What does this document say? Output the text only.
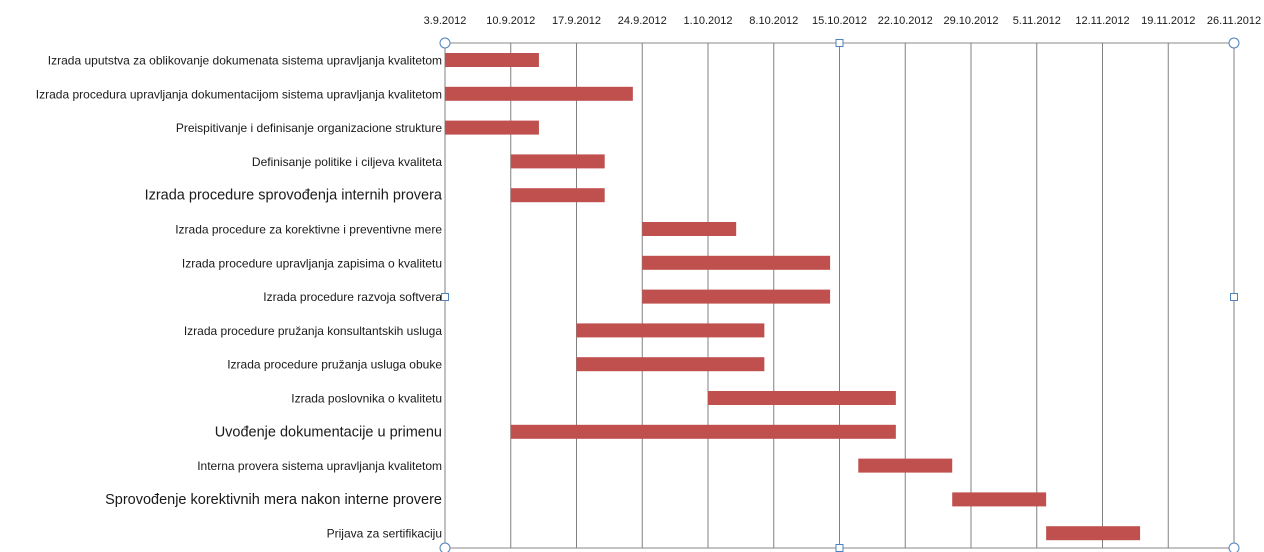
3.9.2012 10.9.2012 17.9.2012 24.9.2012 1.10.2012 8.10.2012 15.10.2012 22.10.2012 29.10.2012 5.11.2012 12.11.2012 19.11.2012 26.11.2012
Izrada uputstva za oblikovanje dokumenata sistema upravljanja kvalitetom
Izrada procedura upravljanja dokumentacijom sistema upravljanja kvalitetom
Preispitivanje i definisanje organizacione strukture
Definisanje politike i ciljeva kvaliteta
Izrada procedure sprovođenja internih provera
Izrada procedure za korektivne i preventivne mere
Izrada procedure upravljanja zapisima o kvalitetu
Izrada procedure razvoja softvera
Izrada procedure pružanja konsultantskih usluga
Izrada procedure pružanja usluga obuke
Izrada poslovnika o kvalitetu
Uvođenje dokumentacije u primenu
Interna provera sistema upravljanja kvalitetom
Sprovođenje korektivnih mera nakon interne provere
Prijava za sertifikaciju
